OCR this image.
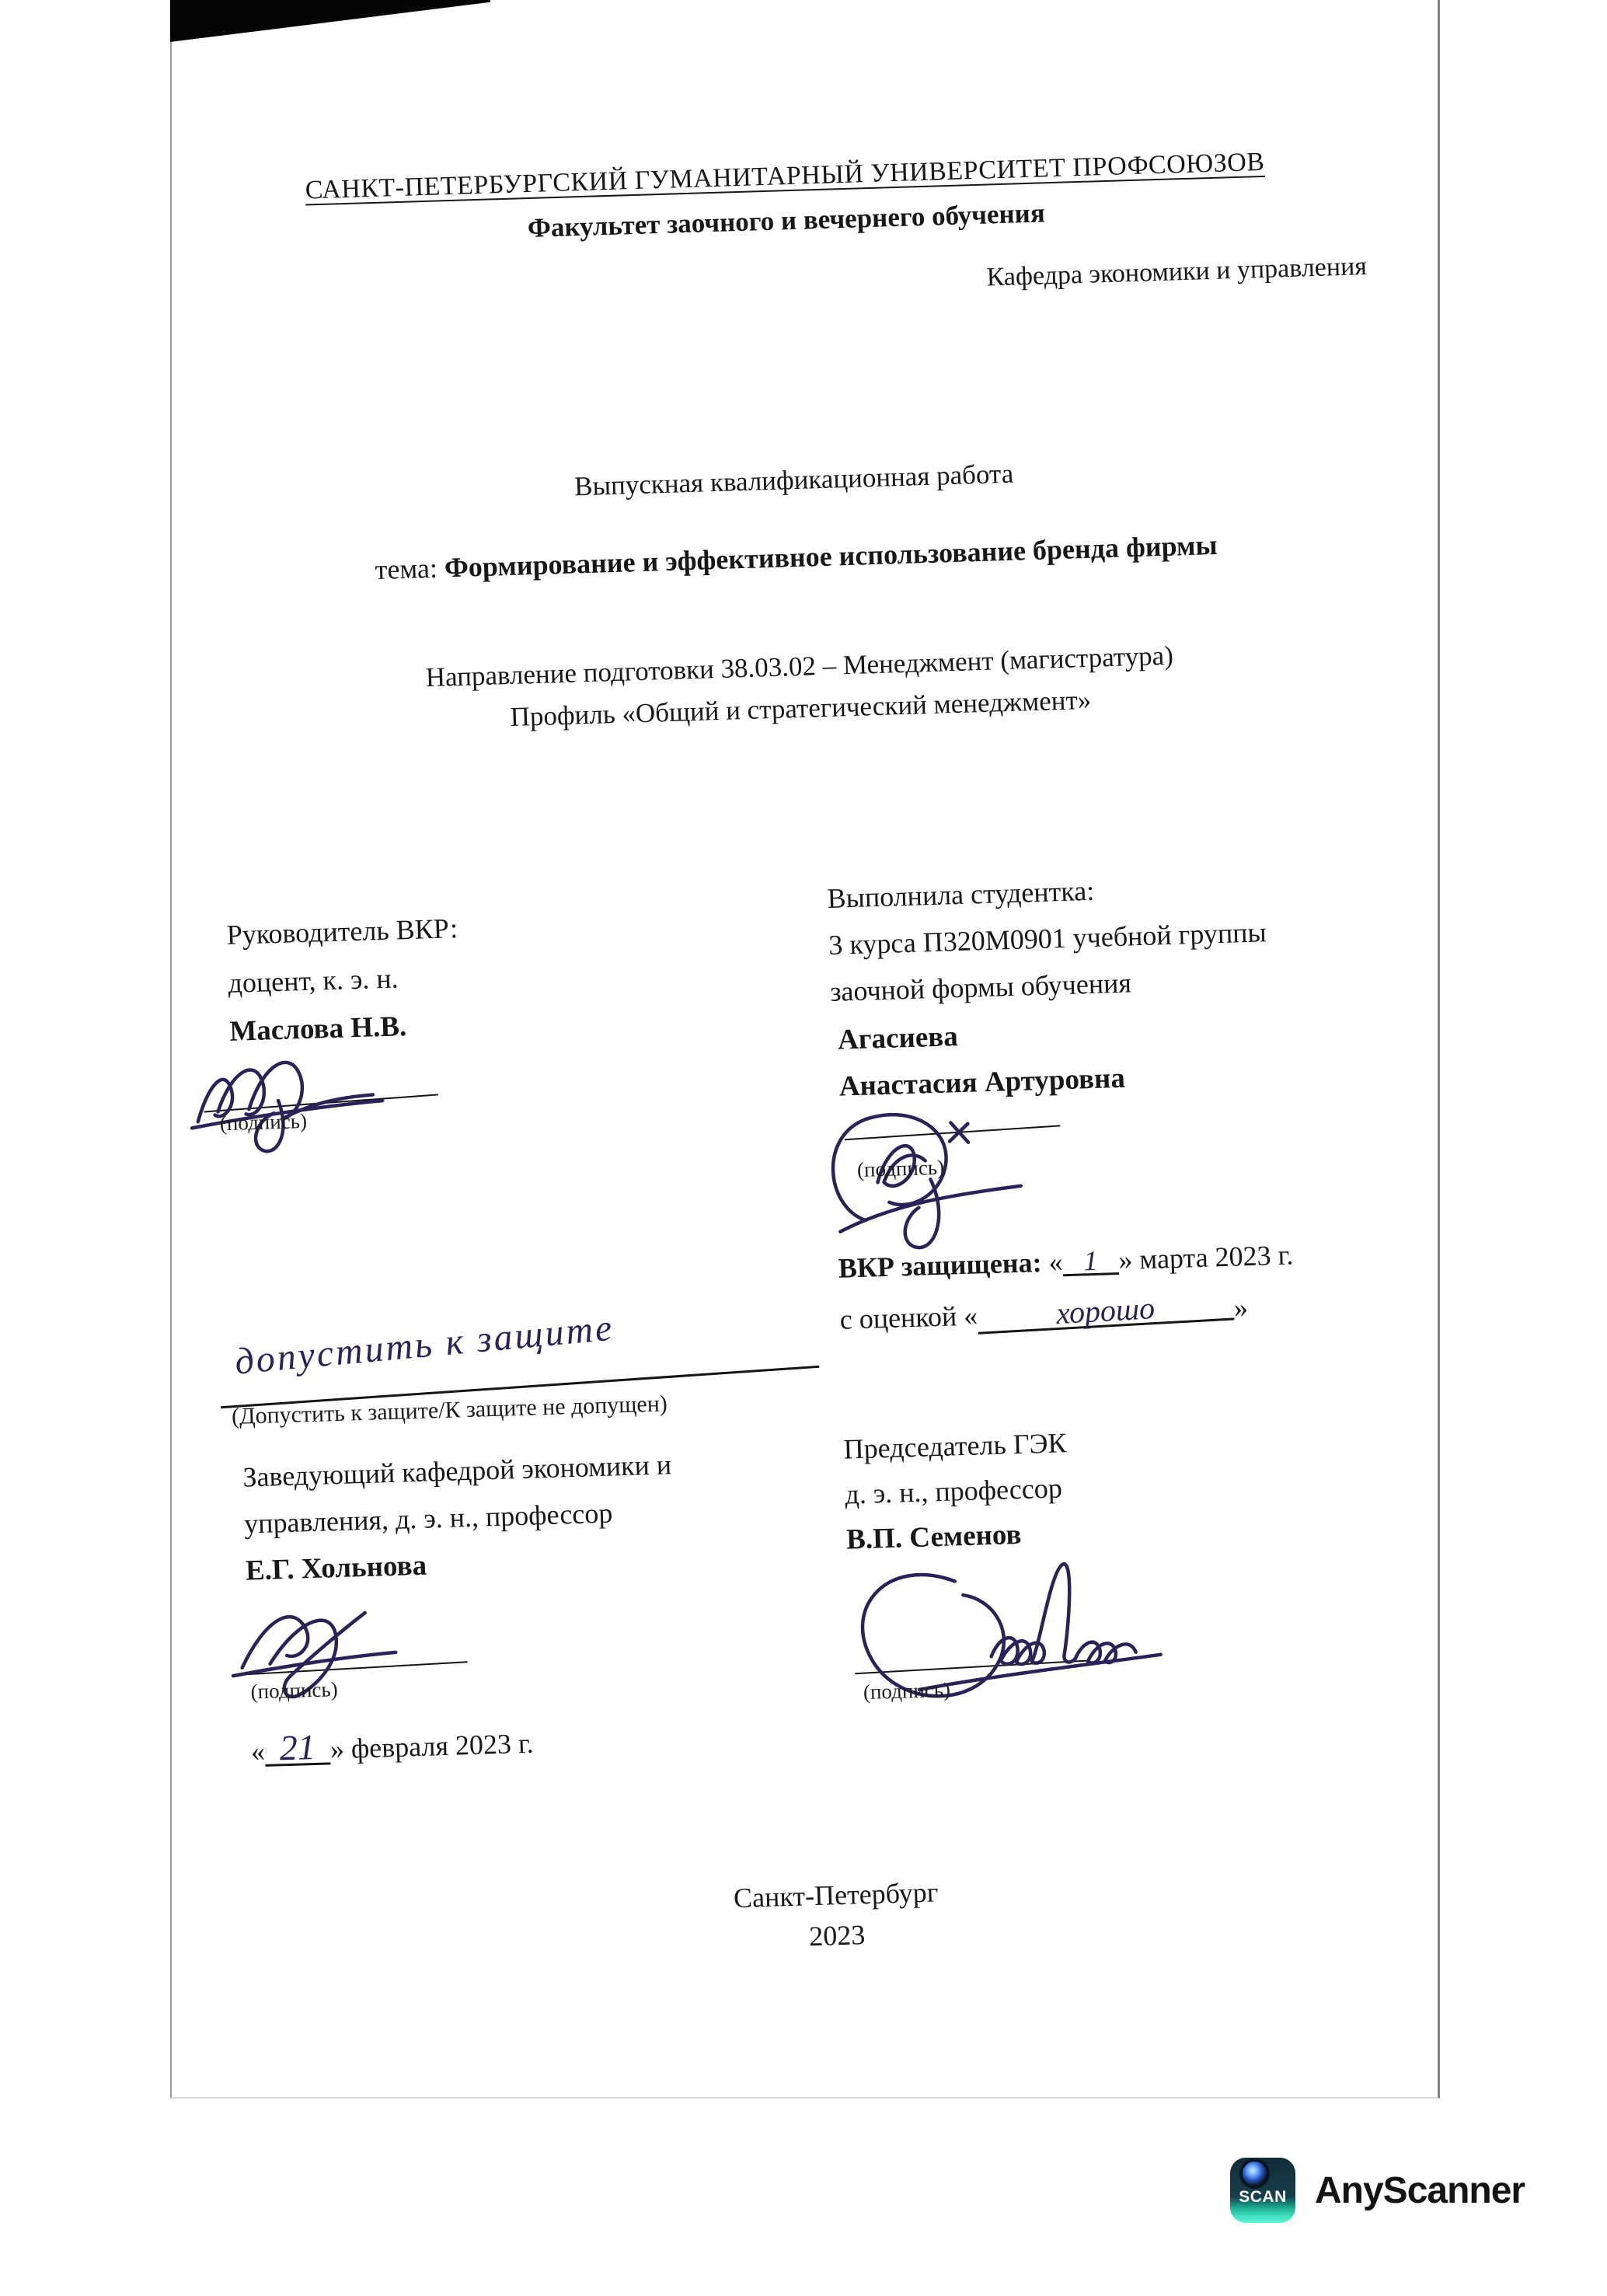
САНКТ-ПЕТЕРБУРГСКИЙ ГУМАНИТАРНЫЙ УНИВЕРСИТЕТ ПРОФСОЮЗОВ
Факультет заочного и вечернего обучения
Кафедра экономики и управления
Выпускная квалификационная работа
тема: Формирование и эффективное использование бренда фирмы
Направление подготовки 38.03.02 – Менеджмент (магистратура)
Профиль «Общий и стратегический менеджмент»
Руководитель ВКР:
доцент, к. э. н.
Маслова Н.В.
(подпись)
Выполнила студентка:
3 курса П320М0901 учебной группы
заочной формы обучения
Агасиева
Анастасия Артуровна
(подпись)
ВКР защищена: « 1 » марта 2023 г.
с оценкой « хорошо	»
допустить к защите
(Допустить к защите/К защите не допущен)
Заведующий кафедрой экономики и
управления, д. э. н., профессор
Е.Г. Хольнова
(подпись)
« 21 » февраля 2023 г.
Председатель ГЭК
д. э. н., профессор
В.П. Семенов
(подпись)
Санкт-Петербург
2023
SCAN AnyScanner
